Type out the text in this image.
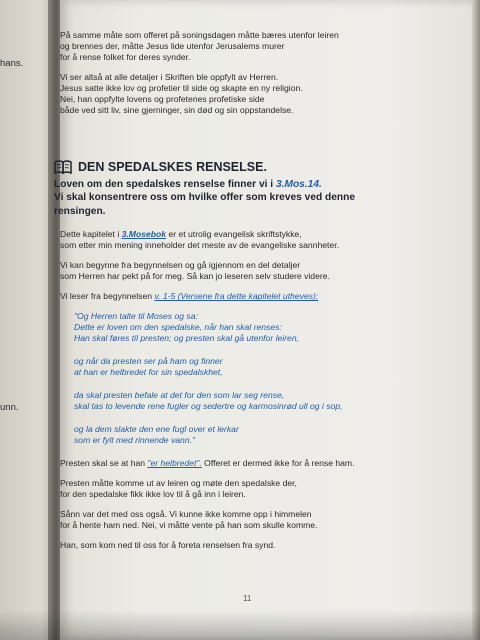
hans.
unn.

På samme måte som offeret på soningsdagen måtte bæres utenfor leiren
og brennes der, måtte Jesus lide utenfor Jerusalems murer
for å rense folket for deres synder.

Vi ser altså at alle detaljer i Skriften ble oppfylt av Herren.
Jesus satte ikke lov og profetier til side og skapte en ny religion.
Nei, han oppfylte lovens og profetenes profetiske side
både ved sitt liv, sine gjerninger, sin død og sin oppstandelse.

DEN SPEDALSKES RENSELSE.
Loven om den spedalskes renselse finner vi i 3.Mos.14.
Vi skal konsentrere oss om hvilke offer som kreves ved denne
rensingen.

Dette kapitelet i 3.Mosebok er et utrolig evangelisk skriftstykke,
som etter min mening inneholder det meste av de evangeliske sannheter.

Vi kan begynne fra begynnelsen og gå igjennom en del detaljer
som Herren har pekt på for meg. Så kan jo leseren selv studere videre.

Vi leser fra begynnelsen v. 1-5 (Versene fra dette kapitelet utheves):

"Og Herren talte til Moses og sa:
Dette er loven om den spedalske, når han skal renses:
Han skal føres til presten; og presten skal gå utenfor leiren,

og når da presten ser på ham og finner
at han er helbredet for sin spedalskhet,

da skal presten befale at det for den som lar seg rense,
skal tas to levende rene fugler og sedertre og karmosinrød ull og i sop,

og la dem slakte den ene fugl over et lerkar
som er fylt med rinnende vann."

Presten skal se at han "er helbredet". Offeret er dermed ikke for å rense ham.

Presten måtte komme ut av leiren og møte den spedalske der,
for den spedalske fikk ikke lov til å gå inn i leiren.

Sånn var det med oss også. Vi kunne ikke komme opp i himmelen
for å hente ham ned. Nei, vi måtte vente på han som skulle komme.

Han, som kom ned til oss for å foreta renselsen fra synd.

11
